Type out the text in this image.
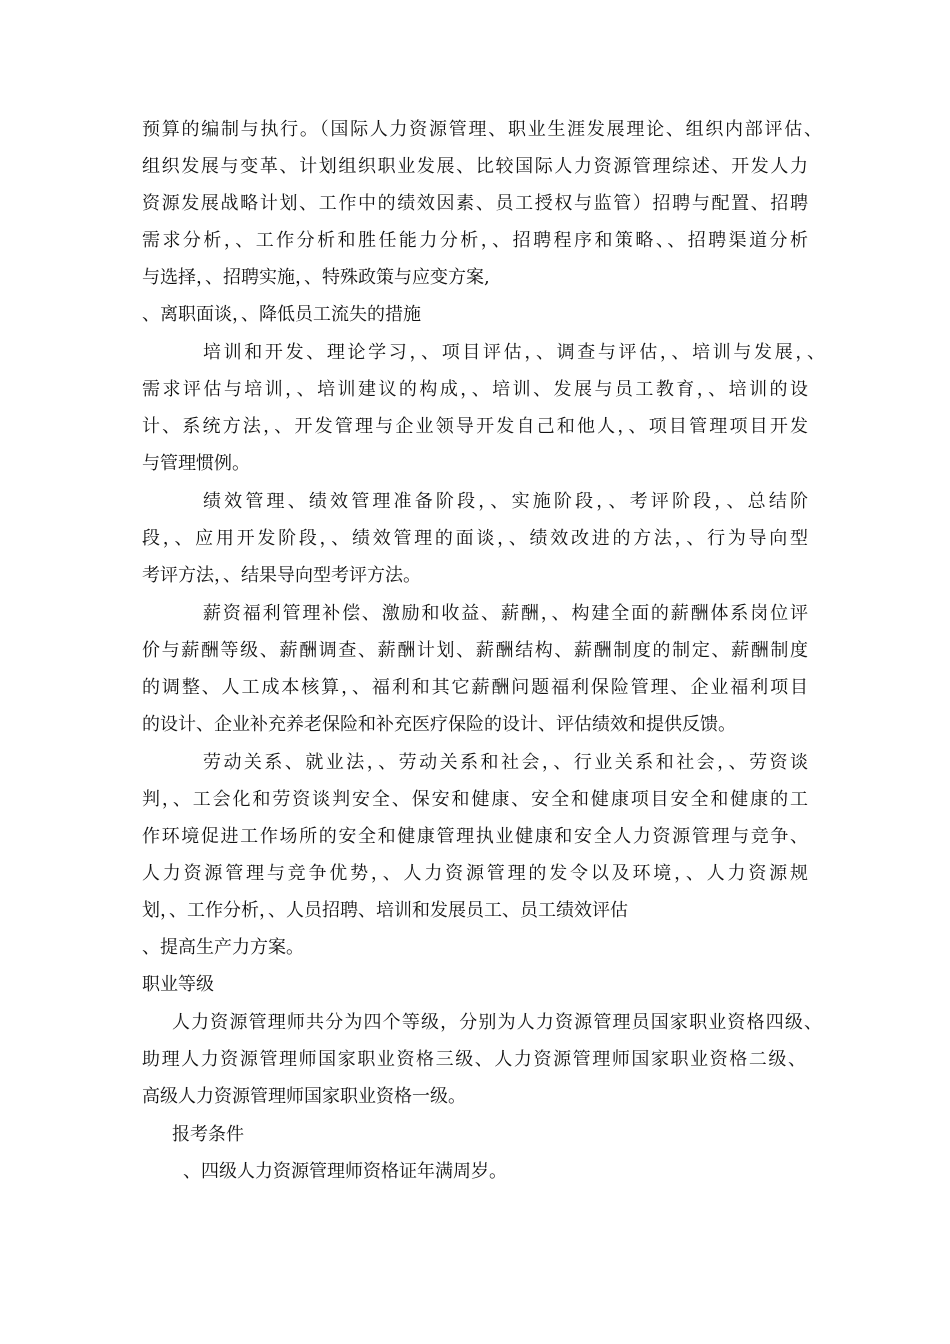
预算的编制与执行。（国际人力资源管理、职业生涯发展理论、组织内部评估、
组织发展与变革、计划组织职业发展、比较国际人力资源管理综述、开发人力
资源发展战略计划、工作中的绩效因素、员工授权与监管）招聘与配置、招聘
需求分析，、工作分析和胜任能力分析，、招聘程序和策略、、招聘渠道分析
与选择，、招聘实施，、特殊政策与应变方案,
、离职面谈，、降低员工流失的措施
培训和开发、理论学习，、项目评估，、调查与评估，、培训与发展，、
需求评估与培训，、培训建议的构成，、培训、发展与员工教育，、培训的设
计、系统方法，、开发管理与企业领导开发自己和他人，、项目管理项目开发
与管理惯例。
绩效管理、绩效管理准备阶段，、实施阶段，、考评阶段，、总结阶
段，、应用开发阶段，、绩效管理的面谈，、绩效改进的方法，、行为导向型
考评方法，、结果导向型考评方法。
薪资福利管理补偿、激励和收益、薪酬，、构建全面的薪酬体系岗位评
价与薪酬等级、薪酬调查、薪酬计划、薪酬结构、薪酬制度的制定、薪酬制度
的调整、人工成本核算，、福利和其它薪酬问题福利保险管理、企业福利项目
的设计、企业补充养老保险和补充医疗保险的设计、评估绩效和提供反馈。
劳动关系、就业法，、劳动关系和社会，、行业关系和社会，、劳资谈
判，、工会化和劳资谈判安全、保安和健康、安全和健康项目安全和健康的工
作环境促进工作场所的安全和健康管理执业健康和安全人力资源管理与竞争、
人力资源管理与竞争优势，、人力资源管理的发令以及环境，、人力资源规
划，、工作分析，、人员招聘、培训和发展员工、员工绩效评估
、提高生产力方案。
职业等级
人力资源管理师共分为四个等级，分别为人力资源管理员国家职业资格四级、
助理人力资源管理师国家职业资格三级、人力资源管理师国家职业资格二级、
高级人力资源管理师国家职业资格一级。
报考条件
、四级人力资源管理师资格证年满周岁。
